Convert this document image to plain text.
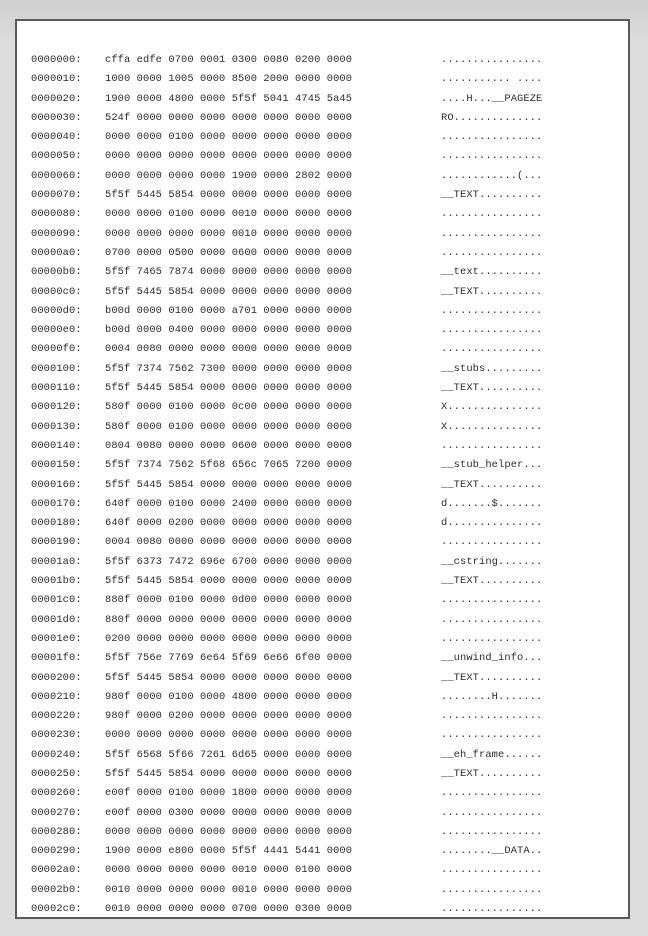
0000000:	cffa edfe 0700 0001 0300 0080 0200 0000	................
0000010:	1000 0000 1005 0000 8500 2000 0000 0000	........... ....
0000020:	1900 0000 4800 0000 5f5f 5041 4745 5a45	....H...__PAGEZE
0000030:	524f 0000 0000 0000 0000 0000 0000 0000	RO..............
0000040:	0000 0000 0100 0000 0000 0000 0000 0000	................
0000050:	0000 0000 0000 0000 0000 0000 0000 0000	................
0000060:	0000 0000 0000 0000 1900 0000 2802 0000	............(...
0000070:	5f5f 5445 5854 0000 0000 0000 0000 0000	__TEXT..........
0000080:	0000 0000 0100 0000 0010 0000 0000 0000	................
0000090:	0000 0000 0000 0000 0010 0000 0000 0000	................
00000a0:	0700 0000 0500 0000 0600 0000 0000 0000	................
00000b0:	5f5f 7465 7874 0000 0000 0000 0000 0000	__text..........
00000c0:	5f5f 5445 5854 0000 0000 0000 0000 0000	__TEXT..........
00000d0:	b00d 0000 0100 0000 a701 0000 0000 0000	................
00000e0:	b00d 0000 0400 0000 0000 0000 0000 0000	................
00000f0:	0004 0080 0000 0000 0000 0000 0000 0000	................
0000100:	5f5f 7374 7562 7300 0000 0000 0000 0000	__stubs.........
0000110:	5f5f 5445 5854 0000 0000 0000 0000 0000	__TEXT..........
0000120:	580f 0000 0100 0000 0c00 0000 0000 0000	X...............
0000130:	580f 0000 0100 0000 0000 0000 0000 0000	X...............
0000140:	0804 0080 0000 0000 0600 0000 0000 0000	................
0000150:	5f5f 7374 7562 5f68 656c 7065 7200 0000	__stub_helper...
0000160:	5f5f 5445 5854 0000 0000 0000 0000 0000	__TEXT..........
0000170:	640f 0000 0100 0000 2400 0000 0000 0000	d.......$.......
0000180:	640f 0000 0200 0000 0000 0000 0000 0000	d...............
0000190:	0004 0080 0000 0000 0000 0000 0000 0000	................
00001a0:	5f5f 6373 7472 696e 6700 0000 0000 0000	__cstring.......
00001b0:	5f5f 5445 5854 0000 0000 0000 0000 0000	__TEXT..........
00001c0:	880f 0000 0100 0000 0d00 0000 0000 0000	................
00001d0:	880f 0000 0000 0000 0000 0000 0000 0000	................
00001e0:	0200 0000 0000 0000 0000 0000 0000 0000	................
00001f0:	5f5f 756e 7769 6e64 5f69 6e66 6f00 0000	__unwind_info...
0000200:	5f5f 5445 5854 0000 0000 0000 0000 0000	__TEXT..........
0000210:	980f 0000 0100 0000 4800 0000 0000 0000	........H.......
0000220:	980f 0000 0200 0000 0000 0000 0000 0000	................
0000230:	0000 0000 0000 0000 0000 0000 0000 0000	................
0000240:	5f5f 6568 5f66 7261 6d65 0000 0000 0000	__eh_frame......
0000250:	5f5f 5445 5854 0000 0000 0000 0000 0000	__TEXT..........
0000260:	e00f 0000 0100 0000 1800 0000 0000 0000	................
0000270:	e00f 0000 0300 0000 0000 0000 0000 0000	................
0000280:	0000 0000 0000 0000 0000 0000 0000 0000	................
0000290:	1900 0000 e800 0000 5f5f 4441 5441 0000	........__DATA..
00002a0:	0000 0000 0000 0000 0010 0000 0100 0000	................
00002b0:	0010 0000 0000 0000 0010 0000 0000 0000	................
00002c0:	0010 0000 0000 0000 0700 0000 0300 0000	................
